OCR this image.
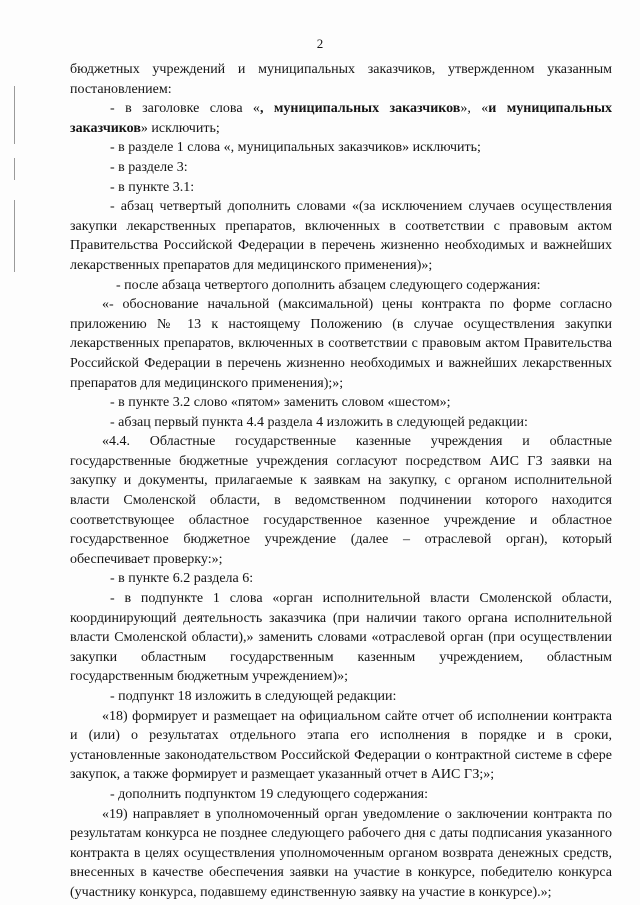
2

бюджетных учреждений и муниципальных заказчиков, утвержденном указанным постановлением:

- в заголовке слова «, муниципальных заказчиков», «и муниципальных заказчиков» исключить;

- в разделе 1 слова «, муниципальных заказчиков» исключить;

- в разделе 3:

- в пункте 3.1:

- абзац четвертый дополнить словами «(за исключением случаев осуществления закупки лекарственных препаратов, включенных в соответствии с правовым актом Правительства Российской Федерации в перечень жизненно необходимых и важнейших лекарственных препаратов для медицинского применения)»;

- после абзаца четвертого дополнить абзацем следующего содержания:

«- обоснование начальной (максимальной) цены контракта по форме согласно приложению № 13 к настоящему Положению (в случае осуществления закупки лекарственных препаратов, включенных в соответствии с правовым актом Правительства Российской Федерации в перечень жизненно необходимых и важнейших лекарственных препаратов для медицинского применения);»;

- в пункте 3.2 слово «пятом» заменить словом «шестом»;

- абзац первый пункта 4.4 раздела 4 изложить в следующей редакции:

«4.4. Областные государственные казенные учреждения и областные государственные бюджетные учреждения согласуют посредством АИС ГЗ заявки на закупку и документы, прилагаемые к заявкам на закупку, с органом исполнительной власти Смоленской области, в ведомственном подчинении которого находится соответствующее областное государственное казенное учреждение и областное государственное бюджетное учреждение (далее – отраслевой орган), который обеспечивает проверку:»;

- в пункте 6.2 раздела 6:

- в подпункте 1 слова «орган исполнительной власти Смоленской области, координирующий деятельность заказчика (при наличии такого органа исполнительной власти Смоленской области),» заменить словами «отраслевой орган (при осуществлении закупки областным государственным казенным учреждением, областным государственным бюджетным учреждением)»;

- подпункт 18 изложить в следующей редакции:

«18) формирует и размещает на официальном сайте отчет об исполнении контракта и (или) о результатах отдельного этапа его исполнения в порядке и в сроки, установленные законодательством Российской Федерации о контрактной системе в сфере закупок, а также формирует и размещает указанный отчет в АИС ГЗ;»;

- дополнить подпунктом 19 следующего содержания:

«19) направляет в уполномоченный орган уведомление о заключении контракта по результатам конкурса не позднее следующего рабочего дня с даты подписания указанного контракта в целях осуществления уполномоченным органом возврата денежных средств, внесенных в качестве обеспечения заявки на участие в конкурсе, победителю конкурса (участнику конкурса, подавшему единственную заявку на участие в конкурсе).»;
